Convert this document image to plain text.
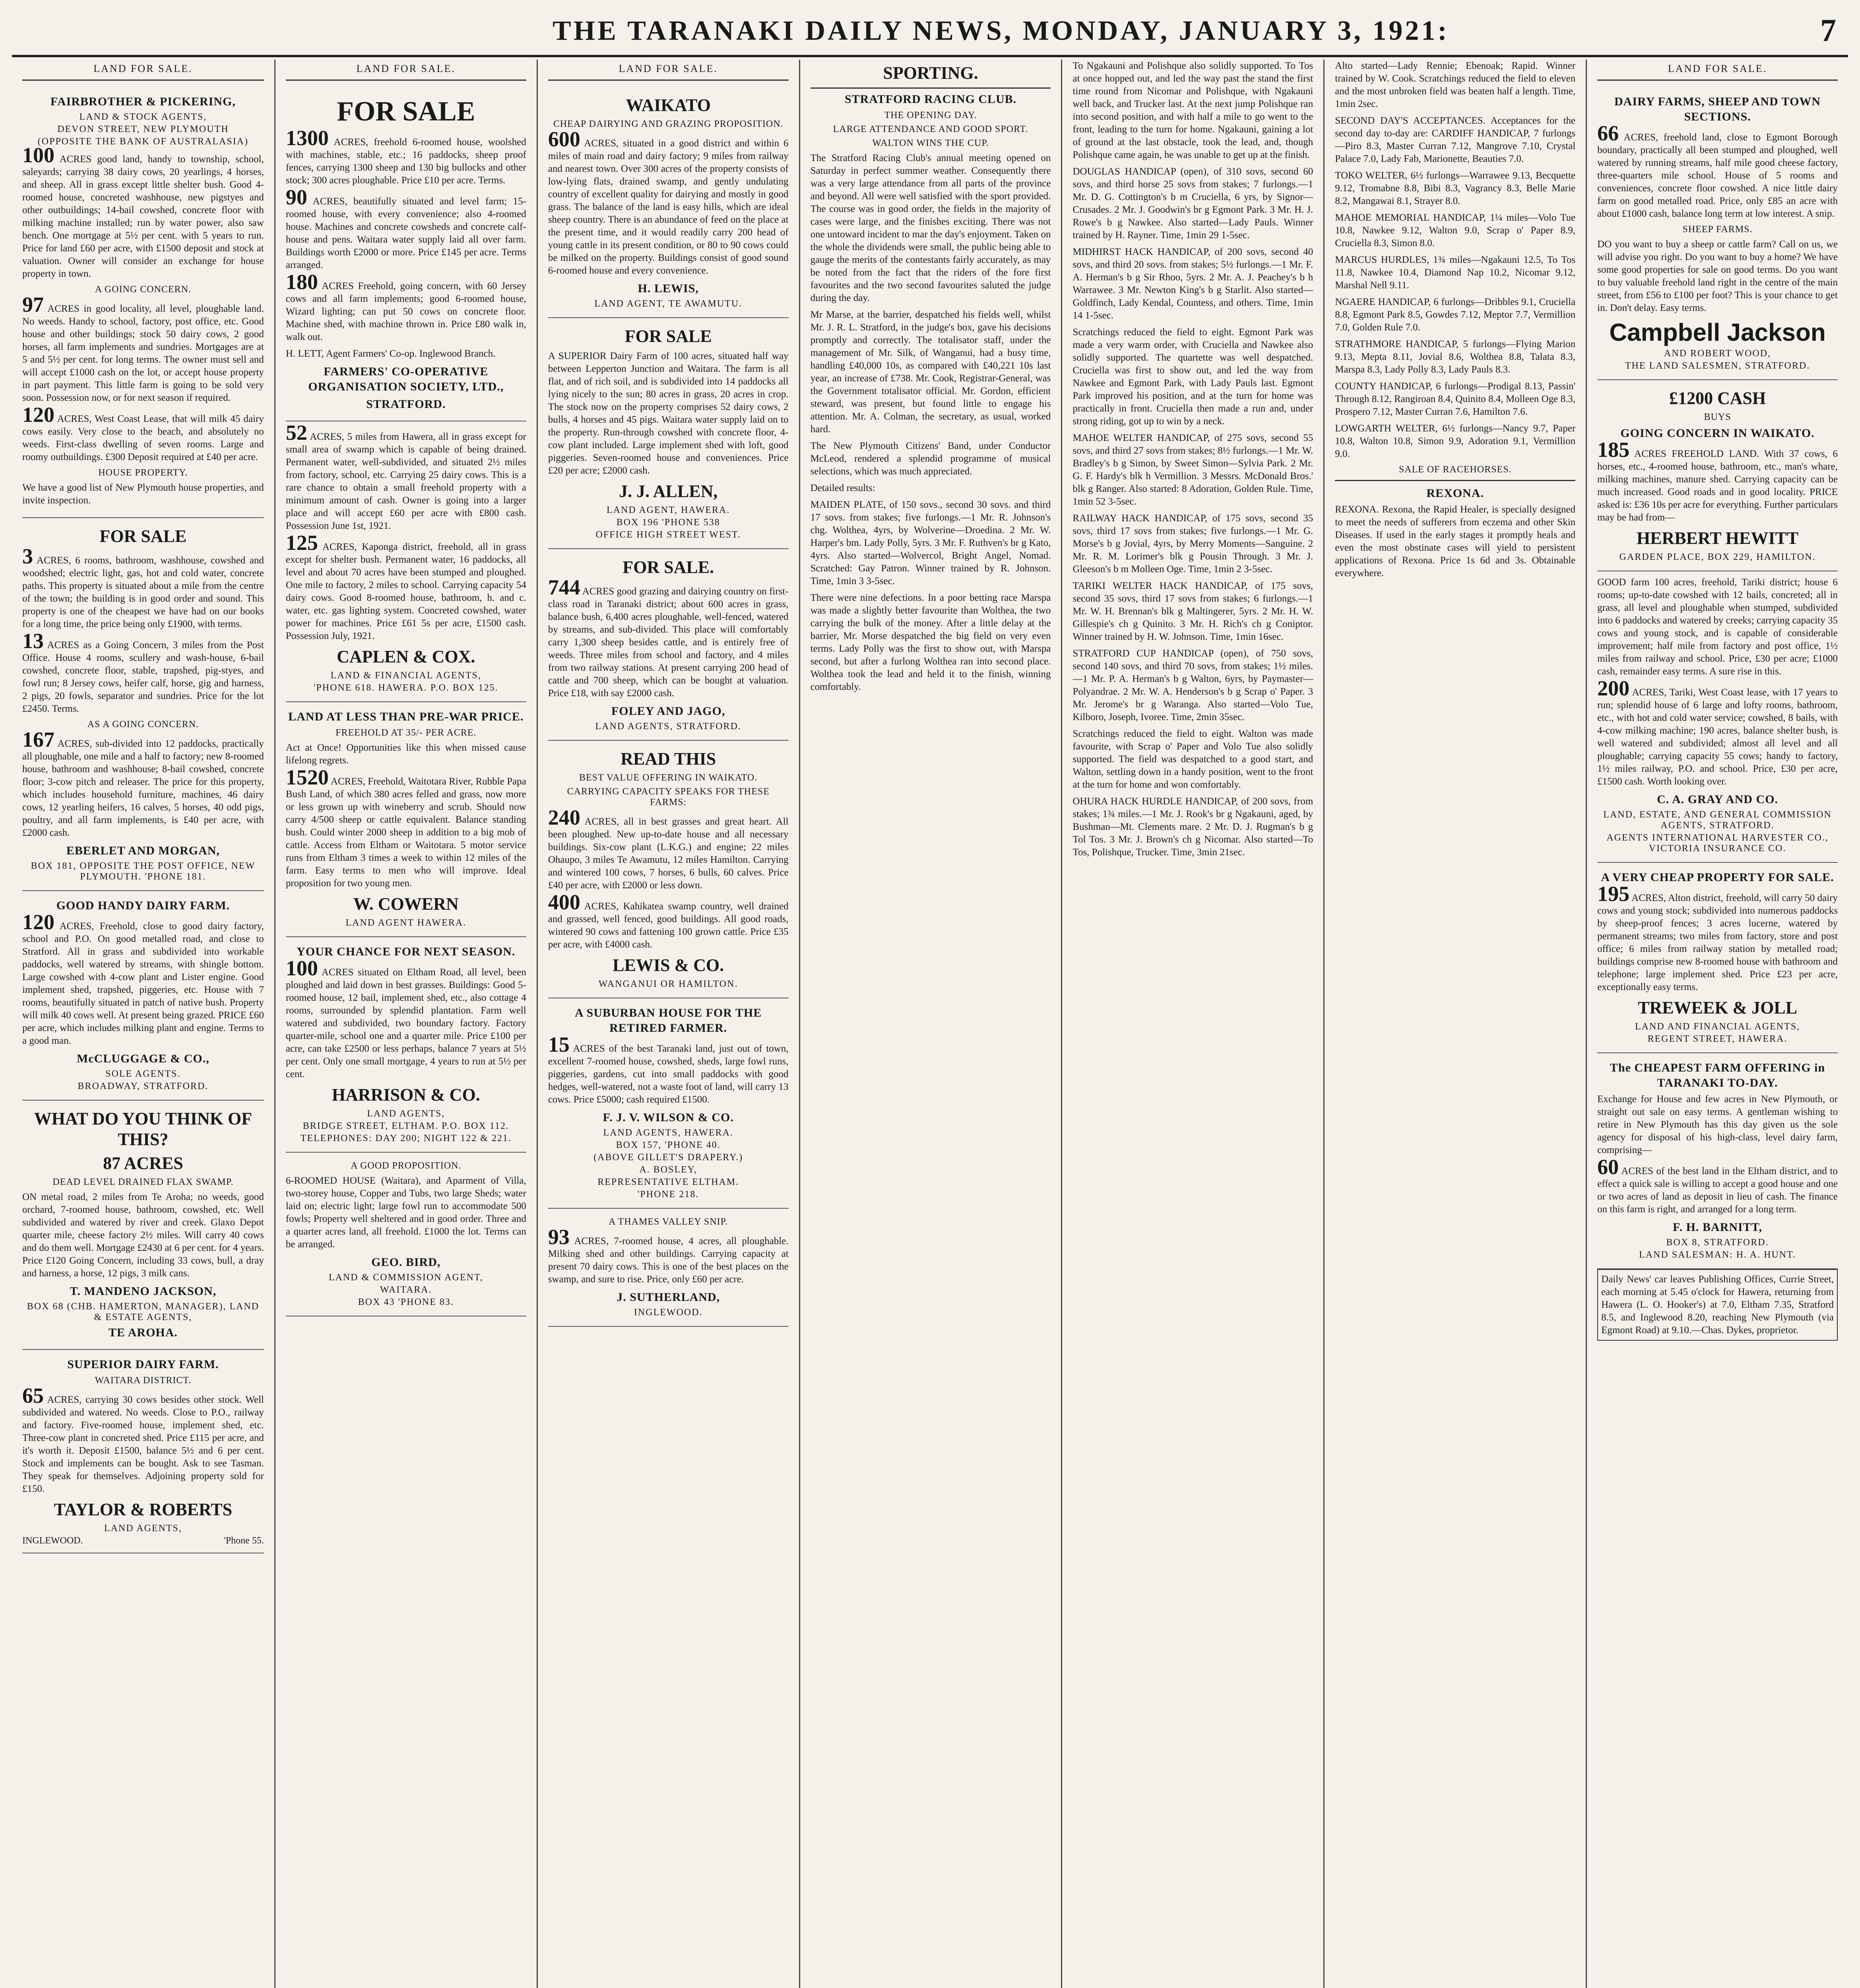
THE TARANAKI DAILY NEWS, MONDAY, JANUARY 3, 1921:	7
LAND FOR SALE.
FAIRBROTHER & PICKERING,
LAND & STOCK AGENTS,
DEVON STREET, NEW PLYMOUTH
(OPPOSITE THE BANK OF AUSTRALASIA)

100 ACRES good land, handy to township, school, saleyards; carrying 38 dairy cows, 20 yearlings, 4 horses, and sheep. All in grass except little shelter bush. Good 4-roomed house, concreted washhouse, new pigstyes and other outbuildings; 14-bail cowshed, concrete floor with milking machine installed; run by water power, also saw bench. One mortgage at 5½ per cent. with 5 years to run. Price for land £60 per acre, with £1500 deposit and stock at valuation. Owner will consider an exchange for house property in town.

A GOING CONCERN.

97 ACRES in good locality, all level, ploughable land. No weeds. Handy to school, factory, post office, etc. Good house and other buildings; stock 50 dairy cows, 2 good horses, all farm implements and sundries. Mortgages are at 5 and 5½ per cent. for long terms. The owner must sell and will accept £1000 cash on the lot, or accept house property in part payment. This little farm is going to be sold very soon. Possession now, or for next season if required.

120 ACRES, West Coast Lease, that will milk 45 dairy cows easily. Very close to the beach, and absolutely no weeds. First-class dwelling of seven rooms. Large and roomy outbuildings. £300 Deposit required at £40 per acre.

HOUSE PROPERTY.

We have a good list of New Plymouth house properties, and invite inspection.

FOR SALE

3 ACRES, 6 rooms, bathroom, washhouse, cowshed and woodshed; electric light, gas, hot and cold water, concrete paths. This property is situated about a mile from the centre of the town; the building is in good order and sound. This property is one of the cheapest we have had on our books for a long time, the price being only £1900, with terms.

13 ACRES as a Going Concern, 3 miles from the Post Office. House 4 rooms, scullery and wash-house, 6-bail cowshed, concrete floor, stable, trapshed, pig-styes, and fowl run; 8 Jersey cows, heifer calf, horse, gig and harness, 2 pigs, 20 fowls, separator and sundries. Price for the lot £2450. Terms.

AS A GOING CONCERN.

167 ACRES, sub-divided into 12 paddocks, practically all ploughable, one mile and a half to factory; new 8-roomed house, bathroom and washhouse; 8-bail cowshed, concrete floor; 3-cow pitch and releaser. The price for this property, which includes household furniture, machines, 46 dairy cows, 12 yearling heifers, 16 calves, 5 horses, 40 odd pigs, poultry, and all farm implements, is £40 per acre, with £2000 cash.

EBERLET AND MORGAN,
BOX 181, OPPOSITE THE POST OFFICE, NEW PLYMOUTH. 'PHONE 181.
GOOD HANDY DAIRY FARM.

120 ACRES, Freehold, close to good dairy factory, school and P.O. On good metalled road, and close to Stratford. All in grass and subdivided into workable paddocks, well watered by streams, with shingle bottom. Large cowshed with 4-cow plant and Lister engine. Good implement shed, trapshed, piggeries, etc. House with 7 rooms, beautifully situated in patch of native bush. Property will milk 40 cows well. At present being grazed. PRICE £60 per acre, which includes milking plant and engine. Terms to a good man.

McCLUGGAGE & CO.,
SOLE AGENTS.
BROADWAY, STRATFORD.
WHAT DO YOU THINK OF THIS?
87 ACRES
DEAD LEVEL DRAINED FLAX SWAMP.

ON metal road, 2 miles from Te Aroha; no weeds, good orchard, 7-roomed house, bathroom, cowshed, etc. Well subdivided and watered by river and creek. Glaxo Depot quarter mile, cheese factory 2½ miles. Will carry 40 cows and do them well. Mortgage £2430 at 6 per cent. for 4 years. Price £120 Going Concern, including 33 cows, bull, a dray and harness, a horse, 12 pigs, 3 milk cans.

T. MANDENO JACKSON,
BOX 68 (CHB. HAMERTON, MANAGER), LAND & ESTATE AGENTS,
TE AROHA.
SUPERIOR DAIRY FARM.
WAITARA DISTRICT.

65 ACRES, carrying 30 cows besides other stock. Well subdivided and watered. No weeds. Close to P.O., railway and factory. Five-roomed house, implement shed, etc. Three-cow plant in concreted shed. Price £115 per acre, and it's worth it. Deposit £1500, balance 5½ and 6 per cent. Stock and implements can be bought. Ask to see Tasman. They speak for themselves. Adjoining property sold for £150.

TAYLOR & ROBERTS
LAND AGENTS,
INGLEWOOD.	'Phone 55.
LAND FOR SALE.
FOR SALE

1300 ACRES, freehold 6-roomed house, woolshed with machines, stable, etc.; 16 paddocks, sheep proof fences, carrying 1300 sheep and 130 big bullocks and other stock; 300 acres ploughable. Price £10 per acre. Terms.

90 ACRES, beautifully situated and level farm; 15-roomed house, with every convenience; also 4-roomed house. Machines and concrete cowsheds and concrete calf-house and pens. Waitara water supply laid all over farm. Buildings worth £2000 or more. Price £145 per acre. Terms arranged.

180 ACRES Freehold, going concern, with 60 Jersey cows and all farm implements; good 6-roomed house, Wizard lighting; can put 50 cows on concrete floor. Machine shed, with machine thrown in. Price £80 walk in, walk out.

H. LETT, Agent Farmers' Co-op. Inglewood Branch.

FARMERS' CO-OPERATIVE ORGANISATION SOCIETY, LTD.,
STRATFORD.

52 ACRES, 5 miles from Hawera, all in grass except for small area of swamp which is capable of being drained. Permanent water, well-subdivided, and situated 2½ miles from factory, school, etc. Carrying 25 dairy cows. This is a rare chance to obtain a small freehold property with a minimum amount of cash. Owner is going into a larger place and will accept £60 per acre with £800 cash. Possession June 1st, 1921.

125 ACRES, Kaponga district, freehold, all in grass except for shelter bush. Permanent water, 16 paddocks, all level and about 70 acres have been stumped and ploughed. One mile to factory, 2 miles to school. Carrying capacity 54 dairy cows. Good 8-roomed house, bathroom, h. and c. water, etc. gas lighting system. Concreted cowshed, water power for machines. Price £61 5s per acre, £1500 cash. Possession July, 1921.

CAPLEN & COX.
LAND & FINANCIAL AGENTS,
'PHONE 618. HAWERA. P.O. BOX 125.
LAND AT LESS THAN PRE-WAR PRICE.
FREEHOLD AT 35/- PER ACRE.

Act at Once! Opportunities like this when missed cause lifelong regrets.

1520 ACRES, Freehold, Waitotara River, Rubble Papa Bush Land, of which 380 acres felled and grass, now more or less grown up with wineberry and scrub. Should now carry 4/500 sheep or cattle equivalent. Balance standing bush. Could winter 2000 sheep in addition to a big mob of cattle. Access from Eltham or Waitotara. 5 motor service runs from Eltham 3 times a week to within 12 miles of the farm. Easy terms to men who will improve. Ideal proposition for two young men.

W. COWERN
LAND AGENT HAWERA.
YOUR CHANCE FOR NEXT SEASON.

100 ACRES situated on Eltham Road, all level, been ploughed and laid down in best grasses. Buildings: Good 5-roomed house, 12 bail, implement shed, etc., also cottage 4 rooms, surrounded by splendid plantation. Farm well watered and subdivided, two boundary factory. Factory quarter-mile, school one and a quarter mile. Price £100 per acre, can take £2500 or less perhaps, balance 7 years at 5½ per cent. Only one small mortgage, 4 years to run at 5½ per cent.

HARRISON & CO.
LAND AGENTS,
BRIDGE STREET, ELTHAM. P.O. BOX 112.
TELEPHONES: DAY 200; NIGHT 122 & 221.
A GOOD PROPOSITION.

6-ROOMED HOUSE (Waitara), and Aparment of Villa, two-storey house, Copper and Tubs, two large Sheds; water laid on; electric light; large fowl run to accommodate 500 fowls; Property well sheltered and in good order. Three and a quarter acres land, all freehold. £1000 the lot. Terms can be arranged.

GEO. BIRD,
LAND & COMMISSION AGENT,
WAITARA.
BOX 43 'PHONE 83.
LAND FOR SALE.
WAIKATO
CHEAP DAIRYING AND GRAZING PROPOSITION.

600 ACRES, situated in a good district and within 6 miles of main road and dairy factory; 9 miles from railway and nearest town. Over 300 acres of the property consists of low-lying flats, drained swamp, and gently undulating country of excellent quality for dairying and mostly in good grass. The balance of the land is easy hills, which are ideal sheep country. There is an abundance of feed on the place at the present time, and it would readily carry 200 head of young cattle in its present condition, or 80 to 90 cows could be milked on the property. Buildings consist of good sound 6-roomed house and every convenience.

H. LEWIS,
LAND AGENT, TE AWAMUTU.
FOR SALE

A SUPERIOR Dairy Farm of 100 acres, situated half way between Lepperton Junction and Waitara. The farm is all flat, and of rich soil, and is subdivided into 14 paddocks all lying nicely to the sun; 80 acres in grass, 20 acres in crop. The stock now on the property comprises 52 dairy cows, 2 bulls, 4 horses and 45 pigs. Waitara water supply laid on to the property. Run-through cowshed with concrete floor, 4-cow plant included. Large implement shed with loft, good piggeries. Seven-roomed house and conveniences. Price £20 per acre; £2000 cash.

J. J. ALLEN,
LAND AGENT, HAWERA.
BOX 196 'PHONE 538
OFFICE HIGH STREET WEST.
FOR SALE.

744 ACRES good grazing and dairying country on first-class road in Taranaki district; about 600 acres in grass, balance bush, 6,400 acres ploughable, well-fenced, watered by streams, and sub-divided. This place will comfortably carry 1,300 sheep besides cattle, and is entirely free of weeds. Three miles from school and factory, and 4 miles from two railway stations. At present carrying 200 head of cattle and 700 sheep, which can be bought at valuation. Price £18, with say £2000 cash.

FOLEY AND JAGO,
LAND AGENTS, STRATFORD.
READ THIS
BEST VALUE OFFERING IN WAIKATO.
CARRYING CAPACITY SPEAKS FOR THESE FARMS:

240 ACRES, all in best grasses and great heart. All been ploughed. New up-to-date house and all necessary buildings. Six-cow plant (L.K.G.) and engine; 22 miles Ohaupo, 3 miles Te Awamutu, 12 miles Hamilton. Carrying and wintered 100 cows, 7 horses, 6 bulls, 60 calves. Price £40 per acre, with £2000 or less down.

400 ACRES, Kahikatea swamp country, well drained and grassed, well fenced, good buildings. All good roads, wintered 90 cows and fattening 100 grown cattle. Price £35 per acre, with £4000 cash.

LEWIS & CO.
WANGANUI OR HAMILTON.
A SUBURBAN HOUSE FOR THE RETIRED FARMER.

15 ACRES of the best Taranaki land, just out of town, excellent 7-roomed house, cowshed, sheds, large fowl runs, piggeries, gardens, cut into small paddocks with good hedges, well-watered, not a waste foot of land, will carry 13 cows. Price £5000; cash required £1500.

F. J. V. WILSON & CO.
LAND AGENTS, HAWERA.
BOX 157, 'PHONE 40.
(ABOVE GILLET'S DRAPERY.)
A. BOSLEY,
REPRESENTATIVE ELTHAM.
'PHONE 218.
A THAMES VALLEY SNIP.

93 ACRES, 7-roomed house, 4 acres, all ploughable. Milking shed and other buildings. Carrying capacity at present 70 dairy cows. This is one of the best places on the swamp, and sure to rise. Price, only £60 per acre.

J. SUTHERLAND,
INGLEWOOD.
SPORTING.
STRATFORD RACING CLUB.
THE OPENING DAY.
LARGE ATTENDANCE AND GOOD SPORT.
WALTON WINS THE CUP.

The Stratford Racing Club's annual meeting opened on Saturday in perfect summer weather. Consequently there was a very large attendance from all parts of the province and beyond. All were well satisfied with the sport provided. The course was in good order, the fields in the majority of cases were large, and the finishes exciting. There was not one untoward incident to mar the day's enjoyment. Taken on the whole the dividends were small, the public being able to gauge the merits of the contestants fairly accurately, as may be noted from the fact that the riders of the fore first favourites and the two second favourites saluted the judge during the day.

Mr Marse, at the barrier, despatched his fields well, whilst Mr. J. R. L. Stratford, in the judge's box, gave his decisions promptly and correctly. The totalisator staff, under the management of Mr. Silk, of Wanganui, had a busy time, handling £40,000 10s, as compared with £40,221 10s last year, an increase of £738. Mr. Cook, Registrar-General, was the Government totalisator official. Mr. Gordon, efficient steward, was present, but found little to engage his attention. Mr. A. Colman, the secretary, as usual, worked hard.

The New Plymouth Citizens' Band, under Conductor McLeod, rendered a splendid programme of musical selections, which was much appreciated.

Detailed results:

MAIDEN PLATE, of 150 sovs., second 30 sovs. and third 17 sovs. from stakes; five furlongs.—1 Mr. R. Johnson's chg. Wolthea, 4yrs, by Wolverine—Droedina. 2 Mr. W. Harper's bm. Lady Polly, 5yrs. 3 Mr. F. Ruthven's br g Kato, 4yrs. Also started—Wolvercol, Bright Angel, Nomad. Scratched: Gay Patron. Winner trained by R. Johnson. Time, 1min 3 3-5sec.

There were nine defections. In a poor betting race Marspa was made a slightly better favourite than Wolthea, the two carrying the bulk of the money. After a little delay at the barrier, Mr. Morse despatched the big field on very even terms. Lady Polly was the first to show out, with Marspa second, but after a furlong Wolthea ran into second place. Wolthea took the lead and held it to the finish, winning comfortably.

To Ngakauni and Polishque also solidly supported. To Tos at once hopped out, and led the way past the stand the first time round from Nicomar and Polishque, with Ngakauni well back, and Trucker last. At the next jump Polishque ran into second position, and with half a mile to go went to the front, leading to the turn for home. Ngakauni, gaining a lot of ground at the last obstacle, took the lead, and, though Polishque came again, he was unable to get up at the finish.

DOUGLAS HANDICAP (open), of 310 sovs, second 60 sovs, and third horse 25 sovs from stakes; 7 furlongs.—1 Mr. D. G. Cottington's b m Cruciella, 6 yrs, by Signor—Crusades. 2 Mr. J. Goodwin's br g Egmont Park. 3 Mr. H. J. Rowe's b g Nawkee. Also started—Lady Pauls. Winner trained by H. Rayner. Time, 1min 29 1-5sec.

MIDHIRST HACK HANDICAP, of 200 sovs, second 40 sovs, and third 20 sovs. from stakes; 5½ furlongs.—1 Mr. F. A. Herman's b g Sir Rhoo, 5yrs. 2 Mr. A. J. Peachey's b h Warrawee. 3 Mr. Newton King's b g Starlit. Also started—Goldfinch, Lady Kendal, Countess, and others. Time, 1min 14 1-5sec.

Scratchings reduced the field to eight. Egmont Park was made a very warm order, with Cruciella and Nawkee also solidly supported. The quartette was well despatched. Cruciella was first to show out, and led the way from Nawkee and Egmont Park, with Lady Pauls last. Egmont Park improved his position, and at the turn for home was practically in front. Cruciella then made a run and, under strong riding, got up to win by a neck.

MAHOE WELTER HANDICAP, of 275 sovs, second 55 sovs, and third 27 sovs from stakes; 8½ furlongs.—1 Mr. W. Bradley's b g Simon, by Sweet Simon—Sylvia Park. 2 Mr. G. F. Hardy's blk h Vermillion. 3 Messrs. McDonald Bros.' blk g Ranger. Also started: 8 Adoration, Golden Rule. Time, 1min 52 3-5sec.

RAILWAY HACK HANDICAP, of 175 sovs, second 35 sovs, third 17 sovs from stakes; five furlongs.—1 Mr. G. Morse's b g Jovial, 4yrs, by Merry Moments—Sanguine. 2 Mr. R. M. Lorimer's blk g Pousin Through. 3 Mr. J. Gleeson's b m Molleen Oge. Time, 1min 2 3-5sec.

TARIKI WELTER HACK HANDICAP, of 175 sovs, second 35 sovs, third 17 sovs from stakes; 6 furlongs.—1 Mr. W. H. Brennan's blk g Maltingerer, 5yrs. 2 Mr. H. W. Gillespie's ch g Quinito. 3 Mr. H. Rich's ch g Coniptor. Winner trained by H. W. Johnson. Time, 1min 16sec.

STRATFORD CUP HANDICAP (open), of 750 sovs, second 140 sovs, and third 70 sovs, from stakes; 1½ miles.—1 Mr. P. A. Herman's b g Walton, 6yrs, by Paymaster—Polyandrae. 2 Mr. W. A. Henderson's b g Scrap o' Paper. 3 Mr. Jerome's br g Waranga. Also started—Volo Tue, Kilboro, Joseph, Ivoree. Time, 2min 35sec.

Scratchings reduced the field to eight. Walton was made favourite, with Scrap o' Paper and Volo Tue also solidly supported. The field was despatched to a good start, and Walton, settling down in a handy position, went to the front at the turn for home and won comfortably.

OHURA HACK HURDLE HANDICAP, of 200 sovs, from stakes; 1¾ miles.—1 Mr. J. Rook's br g Ngakauni, aged, by Bushman—Mt. Clements mare. 2 Mr. D. J. Rugman's b g Tol Tos. 3 Mr. J. Brown's ch g Nicomar. Also started—To Tos, Polishque, Trucker. Time, 3min 21sec.

Alto started—Lady Rennie; Ebenoak; Rapid. Winner trained by W. Cook. Scratchings reduced the field to eleven and the most unbroken field was beaten half a length. Time, 1min 2sec.

SECOND DAY'S ACCEPTANCES. Acceptances for the second day to-day are: CARDIFF HANDICAP, 7 furlongs—Piro 8.3, Master Curran 7.12, Mangrove 7.10, Crystal Palace 7.0, Lady Fab, Marionette, Beauties 7.0.

TOKO WELTER, 6½ furlongs—Warrawee 9.13, Becquette 9.12, Tromabne 8.8, Bibi 8.3, Vagrancy 8.3, Belle Marie 8.2, Mangawai 8.1, Strayer 8.0.

MAHOE MEMORIAL HANDICAP, 1¼ miles—Volo Tue 10.8, Nawkee 9.12, Walton 9.0, Scrap o' Paper 8.9, Cruciella 8.3, Simon 8.0.

MARCUS HURDLES, 1¾ miles—Ngakauni 12.5, To Tos 11.8, Nawkee 10.4, Diamond Nap 10.2, Nicomar 9.12, Marshal Nell 9.11.

NGAERE HANDICAP, 6 furlongs—Dribbles 9.1, Cruciella 8.8, Egmont Park 8.5, Gowdes 7.12, Meptor 7.7, Vermillion 7.0, Golden Rule 7.0.

STRATHMORE HANDICAP, 5 furlongs—Flying Marion 9.13, Mepta 8.11, Jovial 8.6, Wolthea 8.8, Talata 8.3, Marspa 8.3, Lady Polly 8.3, Lady Pauls 8.3.

COUNTY HANDICAP, 6 furlongs—Prodigal 8.13, Passin' Through 8.12, Rangiroan 8.4, Quinito 8.4, Molleen Oge 8.3, Prospero 7.12, Master Curran 7.6, Hamilton 7.6.

LOWGARTH WELTER, 6½ furlongs—Nancy 9.7, Paper 10.8, Walton 10.8, Simon 9.9, Adoration 9.1, Vermillion 9.0.

SALE OF RACEHORSES.
REXONA.

REXONA. Rexona, the Rapid Healer, is specially designed to meet the needs of sufferers from eczema and other Skin Diseases. If used in the early stages it promptly heals and even the most obstinate cases will yield to persistent applications of Rexona. Price 1s 6d and 3s. Obtainable everywhere.

LAND FOR SALE.
DAIRY FARMS, SHEEP AND TOWN SECTIONS.

66 ACRES, freehold land, close to Egmont Borough boundary, practically all been stumped and ploughed, well watered by running streams, half mile good cheese factory, three-quarters mile school. House of 5 rooms and conveniences, concrete floor cowshed. A nice little dairy farm on good metalled road. Price, only £85 an acre with about £1000 cash, balance long term at low interest. A snip.

SHEEP FARMS.

DO you want to buy a sheep or cattle farm? Call on us, we will advise you right. Do you want to buy a home? We have some good properties for sale on good terms. Do you want to buy valuable freehold land right in the centre of the main street, from £56 to £100 per foot? This is your chance to get in. Don't delay. Easy terms.

Campbell Jackson
AND ROBERT WOOD,
THE LAND SALESMEN, STRATFORD.
£1200 CASH
BUYS
GOING CONCERN IN WAIKATO.

185 ACRES FREEHOLD LAND. With 37 cows, 6 horses, etc., 4-roomed house, bathroom, etc., man's whare, milking machines, manure shed. Carrying capacity can be much increased. Good roads and in good locality. PRICE asked is: £36 10s per acre for everything. Further particulars may be had from—

HERBERT HEWITT
GARDEN PLACE, BOX 229, HAMILTON.

GOOD farm 100 acres, freehold, Tariki district; house 6 rooms; up-to-date cowshed with 12 bails, concreted; all in grass, all level and ploughable when stumped, subdivided into 6 paddocks and watered by creeks; carrying capacity 35 cows and young stock, and is capable of considerable improvement; half mile from factory and post office, 1½ miles from railway and school. Price, £30 per acre; £1000 cash, remainder easy terms. A sure rise in this.

200 ACRES, Tariki, West Coast lease, with 17 years to run; splendid house of 6 large and lofty rooms, bathroom, etc., with hot and cold water service; cowshed, 8 bails, with 4-cow milking machine; 190 acres, balance shelter bush, is well watered and subdivided; almost all level and all ploughable; carrying capacity 55 cows; handy to factory, 1½ miles railway, P.O. and school. Price, £30 per acre, £1500 cash. Worth looking over.

C. A. GRAY AND CO.
LAND, ESTATE, AND GENERAL COMMISSION AGENTS, STRATFORD.
AGENTS INTERNATIONAL HARVESTER CO., VICTORIA INSURANCE CO.
A VERY CHEAP PROPERTY FOR SALE.

195 ACRES, Alton district, freehold, will carry 50 dairy cows and young stock; subdivided into numerous paddocks by sheep-proof fences; 3 acres lucerne, watered by permanent streams; two miles from factory, store and post office; 6 miles from railway station by metalled road; buildings comprise new 8-roomed house with bathroom and telephone; large implement shed. Price £23 per acre, exceptionally easy terms.

TREWEEK & JOLL
LAND AND FINANCIAL AGENTS,
REGENT STREET, HAWERA.
The CHEAPEST FARM OFFERING in TARANAKI TO-DAY.

Exchange for House and few acres in New Plymouth, or straight out sale on easy terms. A gentleman wishing to retire in New Plymouth has this day given us the sole agency for disposal of his high-class, level dairy farm, comprising—

60 ACRES of the best land in the Eltham district, and to effect a quick sale is willing to accept a good house and one or two acres of land as deposit in lieu of cash. The finance on this farm is right, and arranged for a long term.

F. H. BARNITT,
BOX 8, STRATFORD.
LAND SALESMAN: H. A. HUNT.

Daily News' car leaves Publishing Offices, Currie Street, each morning at 5.45 o'clock for Hawera, returning from Hawera (L. O. Hooker's) at 7.0, Eltham 7.35, Stratford 8.5, and Inglewood 8.20, reaching New Plymouth (via Egmont Road) at 9.10.—Chas. Dykes, proprietor.
